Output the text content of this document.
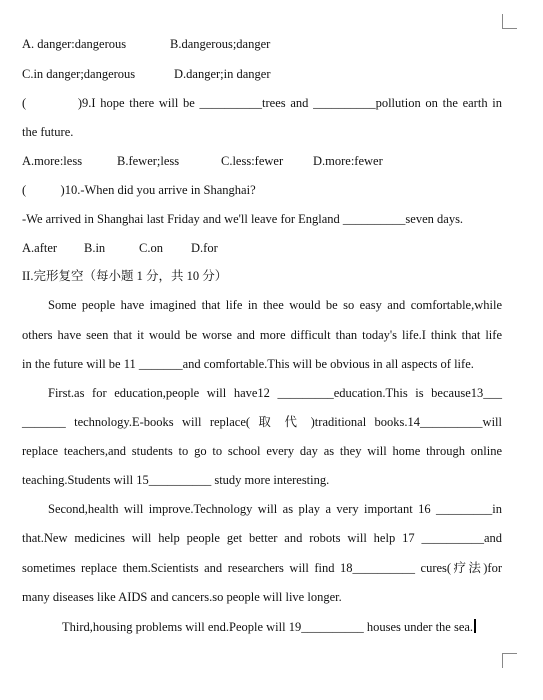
A. danger:dangerous	B.dangerous;danger
C.in danger;dangerous	D.danger;in danger
(           )9.I hope there will be __________trees and __________pollution on the earth in
the future.
A.more:less	B.fewer;less	C.less:fewer D.more:fewer
(           )10.-When did you arrive in Shanghai?
-We arrived in Shanghai last Friday and we'll leave for England __________seven days.
A.after B.in	C.on D.for
II.完形复空（每小题 1 分，共 10 分）
Some people have imagined that life in thee would be so easy and comfortable,while
others have seen that it would be worse and more difficult than today's life.I think that life
in the future will be 11 _______and comfortable.This will be obvious in all aspects of life.
First.as for education,people will have12 _________education.This is because13___
_______ technology.E-books will replace( 取 代 )traditional books.14__________will
replace teachers,and students to go to school every day as they will home through online
teaching.Students will 15__________ study more interesting.
Second,health will improve.Technology will as play a very important 16 _________in
that.New medicines will help people get better and robots will help 17 __________and
sometimes replace them.Scientists and researchers will find 18__________ cures(疗法)for
many diseases like AIDS and cancers.so people will live longer.
Third,housing problems will end.People will 19__________ houses under the sea.
